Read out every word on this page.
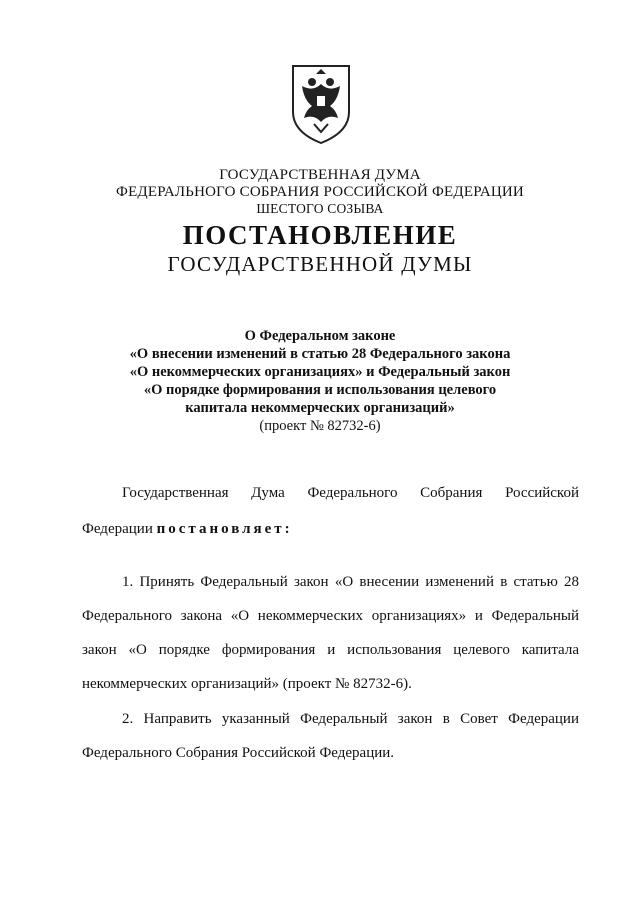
ГОСУДАРСТВЕННАЯ ДУМА
ФЕДЕРАЛЬНОГО СОБРАНИЯ РОССИЙСКОЙ ФЕДЕРАЦИИ
ШЕСТОГО СОЗЫВА
ПОСТАНОВЛЕНИЕ
ГОСУДАРСТВЕННОЙ ДУМЫ
О Федеральном законе
«О внесении изменений в статью 28 Федерального закона
«О некоммерческих организациях» и Федеральный закон
«О порядке формирования и использования целевого
капитала некоммерческих организаций»
(проект № 82732-6)
Государственная Дума Федерального Собрания Российской
Федерации постановляет:
1. Принять Федеральный закон «О внесении изменений в статью 28
Федерального закона «О некоммерческих организациях» и Федеральный
закон «О порядке формирования и использования целевого капитала
некоммерческих организаций» (проект № 82732-6).
2. Направить указанный Федеральный закон в Совет Федерации
Федерального Собрания Российской Федерации.
